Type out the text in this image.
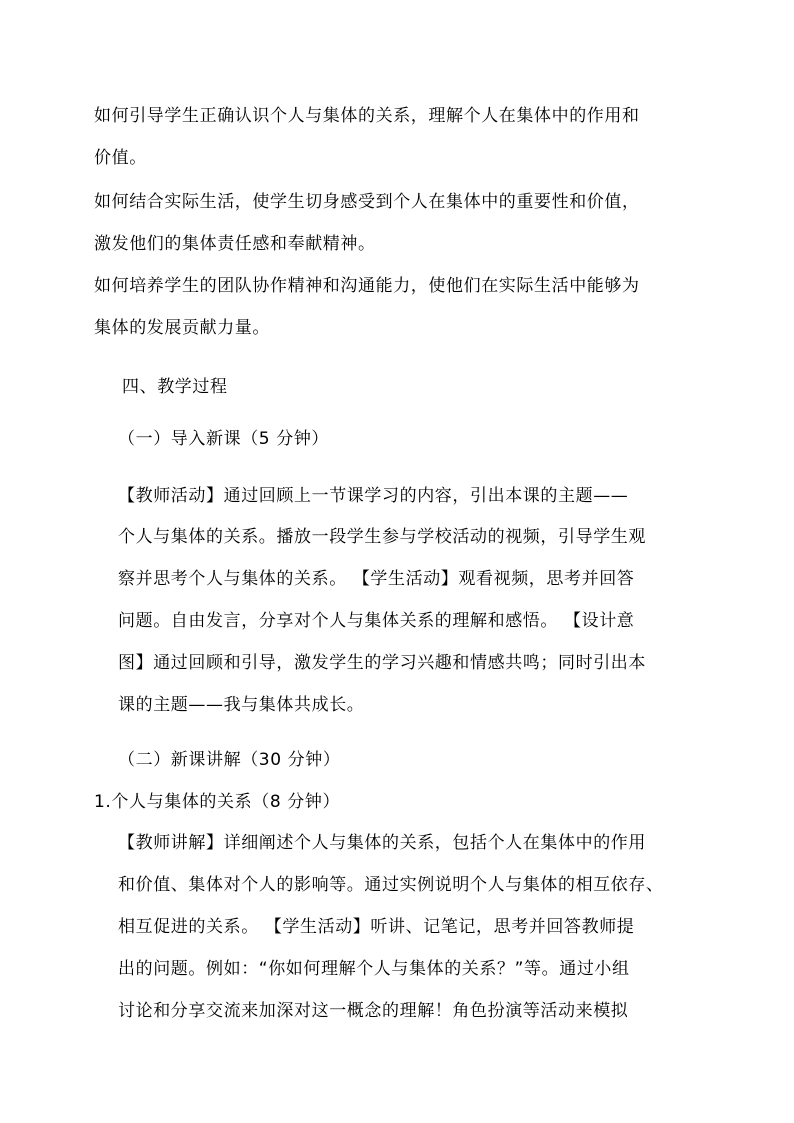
如何引导学生正确认识个人与集体的关系，理解个人在集体中的作用和
价值。
如何结合实际生活，使学生切身感受到个人在集体中的重要性和价值，
激发他们的集体责任感和奉献精神。
如何培养学生的团队协作精神和沟通能力，使他们在实际生活中能够为
集体的发展贡献力量。
四、教学过程
（一）导入新课（5 分钟）
【教师活动】通过回顾上一节课学习的内容，引出本课的主题——
个人与集体的关系。播放一段学生参与学校活动的视频，引导学生观
察并思考个人与集体的关系。 【学生活动】观看视频，思考并回答
问题。自由发言，分享对个人与集体关系的理解和感悟。 【设计意
图】通过回顾和引导，激发学生的学习兴趣和情感共鸣；同时引出本
课的主题——我与集体共成长。
（二）新课讲解（30 分钟）
1.个人与集体的关系（8 分钟）
【教师讲解】详细阐述个人与集体的关系，包括个人在集体中的作用
和价值、集体对个人的影响等。通过实例说明个人与集体的相互依存、
相互促进的关系。 【学生活动】听讲、记笔记，思考并回答教师提
出的问题。例如：“你如何理解个人与集体的关系？”等。通过小组
讨论和分享交流来加深对这一概念的理解！角色扮演等活动来模拟
